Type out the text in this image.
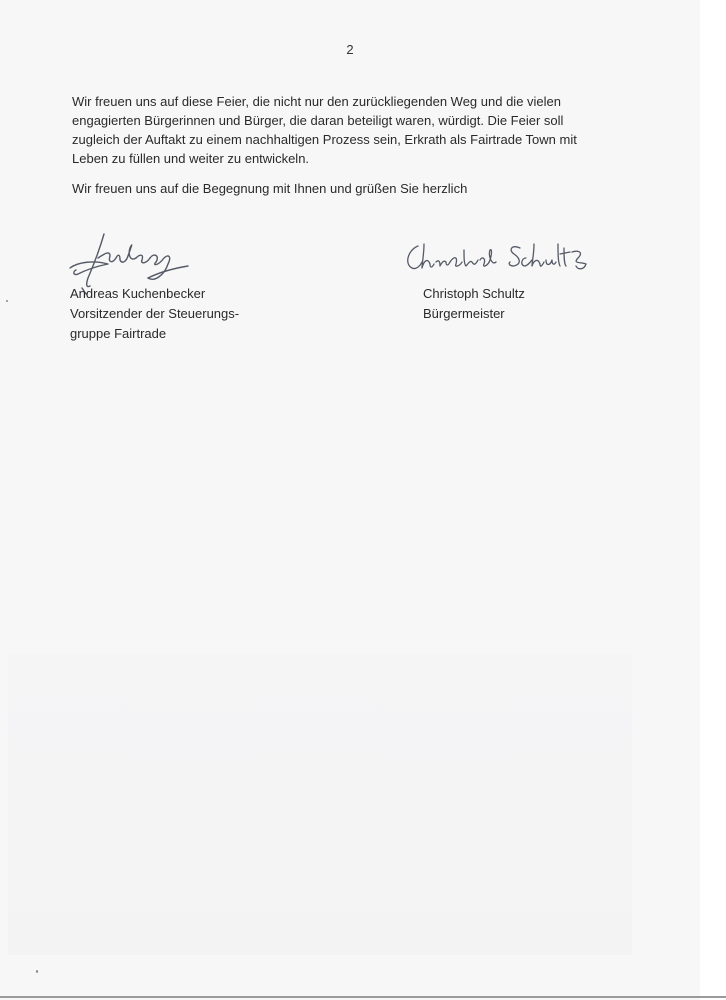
2

Wir freuen uns auf diese Feier, die nicht nur den zurückliegenden Weg und die vielen engagierten Bürgerinnen und Bürger, die daran beteiligt waren, würdigt. Die Feier soll zugleich der Auftakt zu einem nachhaltigen Prozess sein, Erkrath als Fairtrade Town mit Leben zu füllen und weiter zu entwickeln.

Wir freuen uns auf die Begegnung mit Ihnen und grüßen Sie herzlich

Andreas Kuchenbecker
Vorsitzender der Steuerungs-
gruppe Fairtrade
Christoph Schultz
Bürgermeister
